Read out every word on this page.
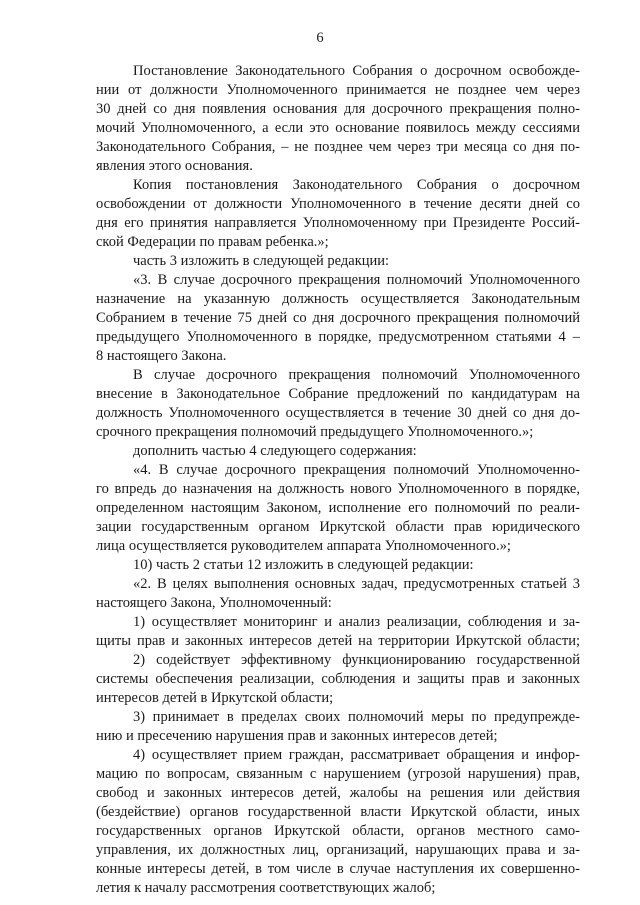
6
Постановление Законодательного Собрания о досрочном освобожде-
нии от должности Уполномоченного принимается не позднее чем через
30 дней со дня появления основания для досрочного прекращения полно-
мочий Уполномоченного, а если это основание появилось между сессиями
Законодательного Собрания, – не позднее чем через три месяца со дня по-
явления этого основания.
Копия постановления Законодательного Собрания о досрочном
освобождении от должности Уполномоченного в течение десяти дней со
дня его принятия направляется Уполномоченному при Президенте Россий-
ской Федерации по правам ребенка.»;
часть 3 изложить в следующей редакции:
«3. В случае досрочного прекращения полномочий Уполномоченного
назначение на указанную должность осуществляется Законодательным
Собранием в течение 75 дней со дня досрочного прекращения полномочий
предыдущего Уполномоченного в порядке, предусмотренном статьями 4 –
8 настоящего Закона.
В случае досрочного прекращения полномочий Уполномоченного
внесение в Законодательное Собрание предложений по кандидатурам на
должность Уполномоченного осуществляется в течение 30 дней со дня до-
срочного прекращения полномочий предыдущего Уполномоченного.»;
дополнить частью 4 следующего содержания:
«4. В случае досрочного прекращения полномочий Уполномоченно-
го впредь до назначения на должность нового Уполномоченного в порядке,
определенном настоящим Законом, исполнение его полномочий по реали-
зации государственным органом Иркутской области прав юридического
лица осуществляется руководителем аппарата Уполномоченного.»;
10) часть 2 статьи 12 изложить в следующей редакции:
«2. В целях выполнения основных задач, предусмотренных статьей 3
настоящего Закона, Уполномоченный:
1) осуществляет мониторинг и анализ реализации, соблюдения и за-
щиты прав и законных интересов детей на территории Иркутской области;
2) содействует эффективному функционированию государственной
системы обеспечения реализации, соблюдения и защиты прав и законных
интересов детей в Иркутской области;
3) принимает в пределах своих полномочий меры по предупрежде-
нию и пресечению нарушения прав и законных интересов детей;
4) осуществляет прием граждан, рассматривает обращения и инфор-
мацию по вопросам, связанным с нарушением (угрозой нарушения) прав,
свобод и законных интересов детей, жалобы на решения или действия
(бездействие) органов государственной власти Иркутской области, иных
государственных органов Иркутской области, органов местного само-
управления, их должностных лиц, организаций, нарушающих права и за-
конные интересы детей, в том числе в случае наступления их совершенно-
летия к началу рассмотрения соответствующих жалоб;
